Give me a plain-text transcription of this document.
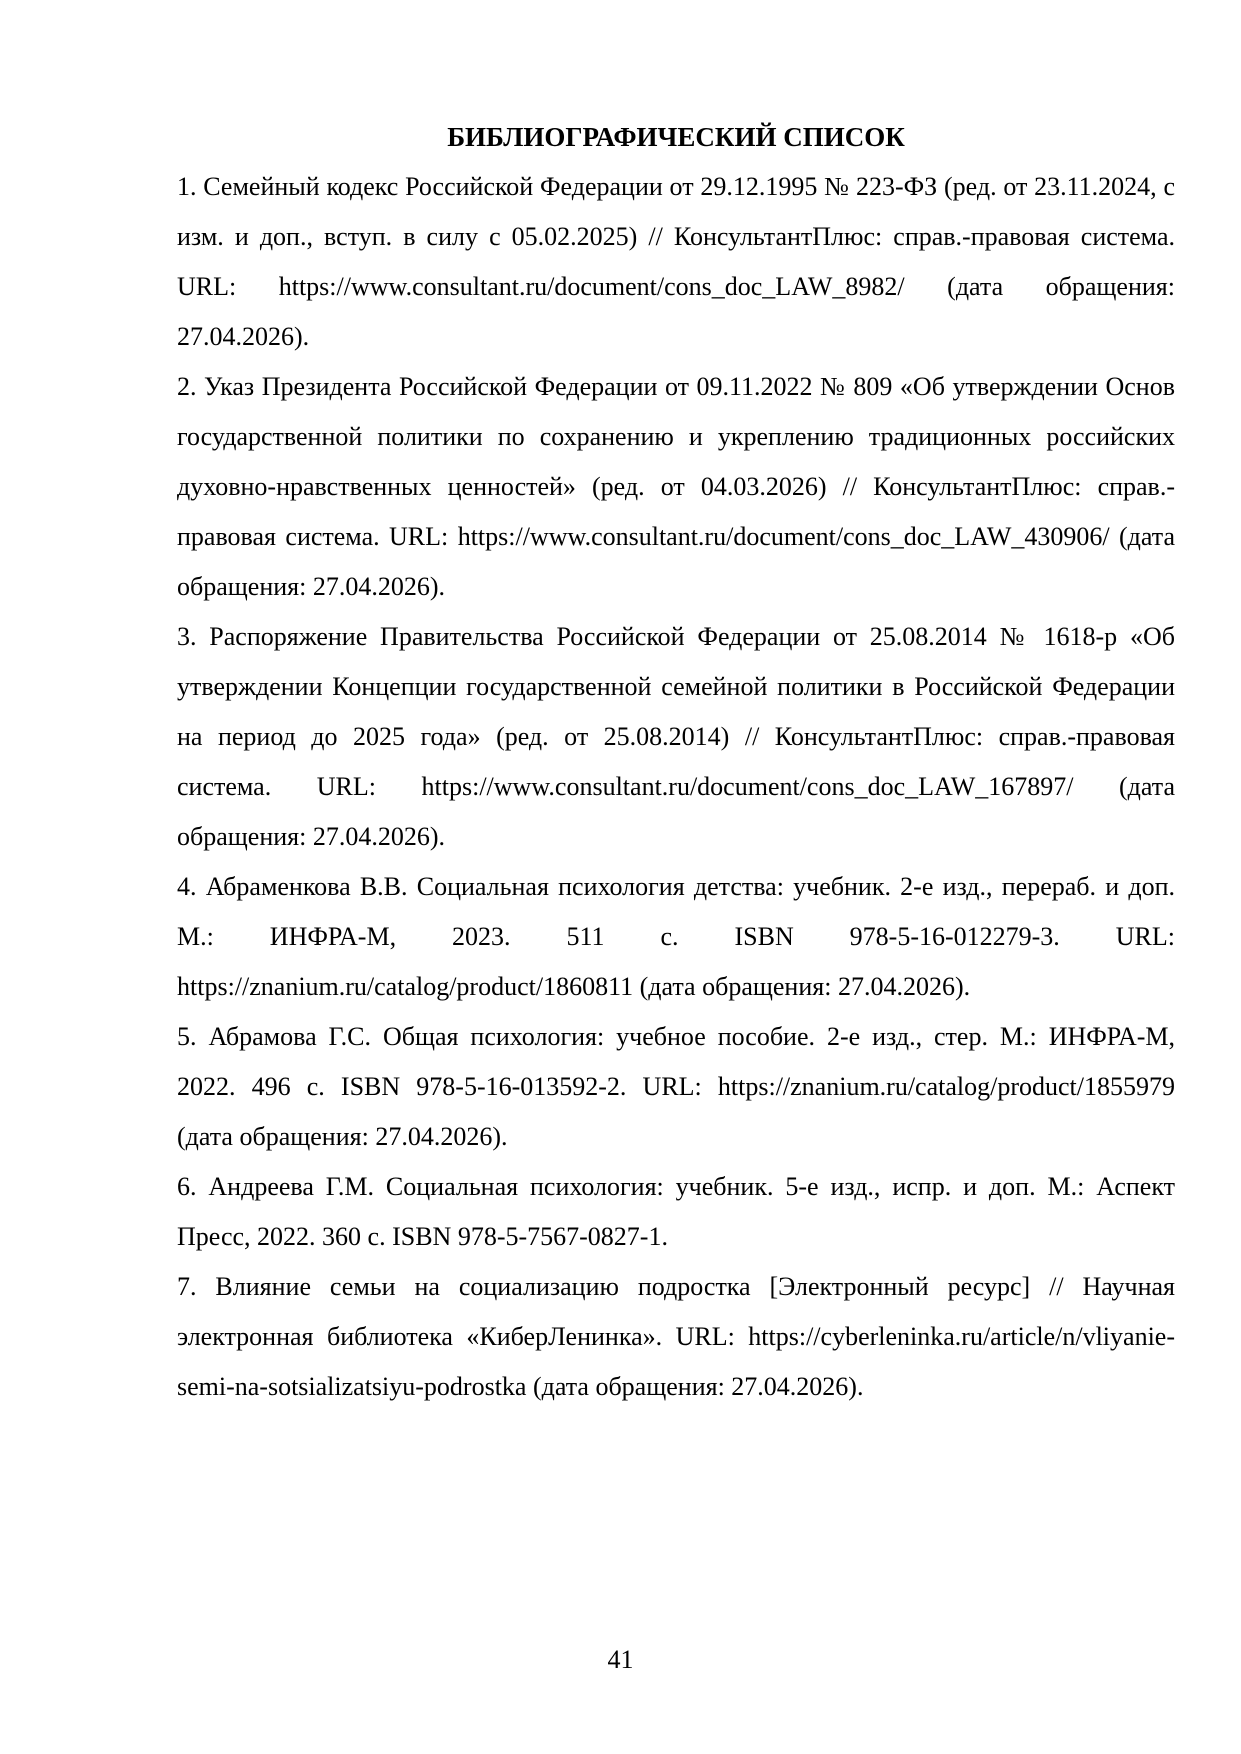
БИБЛИОГРАФИЧЕСКИЙ СПИСОК

1. Семейный кодекс Российской Федерации от 29.12.1995 № 223-ФЗ (ред. от 23.11.2024, с изм. и доп., вступ. в силу с 05.02.2025) // КонсультантПлюс: справ.-правовая система. URL: https://www.consultant.ru/document/cons_doc_LAW_8982/ (дата обращения: 27.04.2026).

2. Указ Президента Российской Федерации от 09.11.2022 № 809 «Об утверждении Основ государственной политики по сохранению и укреплению традиционных российских духовно-нравственных ценностей» (ред. от 04.03.2026) // КонсультантПлюс: справ.-правовая система. URL: https://www.consultant.ru/document/cons_doc_LAW_430906/ (дата обращения: 27.04.2026).

3. Распоряжение Правительства Российской Федерации от 25.08.2014 № 1618-р «Об утверждении Концепции государственной семейной политики в Российской Федерации на период до 2025 года» (ред. от 25.08.2014) // КонсультантПлюс: справ.-правовая система. URL: https://www.consultant.ru/document/cons_doc_LAW_167897/ (дата обращения: 27.04.2026).

4. Абраменкова В.В. Социальная психология детства: учебник. 2-е изд., перераб. и доп. М.: ИНФРА-М, 2023. 511 с. ISBN 978-5-16-012279-3. URL: https://znanium.ru/catalog/product/1860811 (дата обращения: 27.04.2026).

5. Абрамова Г.С. Общая психология: учебное пособие. 2-е изд., стер. М.: ИНФРА-М, 2022. 496 с. ISBN 978-5-16-013592-2. URL: https://znanium.ru/catalog/product/1855979 (дата обращения: 27.04.2026).

6. Андреева Г.М. Социальная психология: учебник. 5-е изд., испр. и доп. М.: Аспект Пресс, 2022. 360 с. ISBN 978-5-7567-0827-1.

7. Влияние семьи на социализацию подростка [Электронный ресурс] // Научная электронная библиотека «КиберЛенинка». URL: https://cyberleninka.ru/article/n/vliyanie-semi-na-sotsializatsiyu-podrostka (дата обращения: 27.04.2026).

41
